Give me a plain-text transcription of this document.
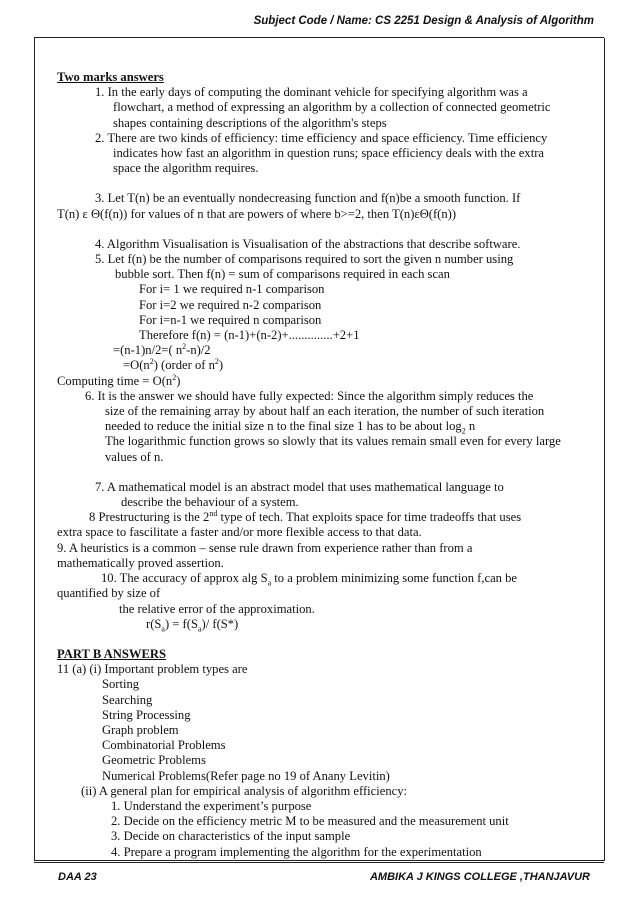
Subject Code / Name: CS 2251 Design & Analysis of Algorithm

Two marks answers

1. In the early days of computing the dominant vehicle for specifying algorithm was a

flowchart, a method of expressing an algorithm by a collection of connected geometric

shapes containing descriptions of the algorithm's steps

2. There are two kinds of efficiency: time efficiency and space efficiency. Time efficiency

indicates how fast an algorithm in question runs; space efficiency deals with the extra

space the algorithm requires.

3. Let T(n) be an eventually nondecreasing function and f(n)be a smooth function. If

T(n) ε Θ(f(n)) for values of n that are powers of where b>=2, then T(n)εΘ(f(n))

4. Algorithm Visualisation is Visualisation of the abstractions that describe software.

5. Let f(n) be the number of comparisons required to sort the given n number using

bubble sort. Then f(n) = sum of comparisons required in each scan

For i= 1 we required n-1 comparison

For i=2 we required n-2 comparison

For i=n-1 we required n comparison

Therefore f(n) = (n-1)+(n-2)+..............+2+1

=(n-1)n/2=( $n^2-n)/2$

$=O(n^2)$ (order of $n^2$)

Computing time = $O(n^2)$

6. It is the answer we should have fully expected: Since the algorithm simply reduces the

size of the remaining array by about half an each iteration, the number of such iteration

needed to reduce the initial size n to the final size 1 has to be about $\log_2 n$

The logarithmic function grows so slowly that its values remain small even for every large

values of n.

7. A mathematical model is an abstract model that uses mathematical language to

describe the behaviour of a system.

8 Prestructuring is the 2nd type of tech. That exploits space for time tradeoffs that uses

extra space to fascilitate a faster and/or more flexible access to that data.

9. A heuristics is a common – sense rule drawn from experience rather than from a

mathematically proved assertion.

10. The accuracy of approx alg $S_a$ to a problem minimizing some function f,can be

quantified by size of

the relative error of the approximation.

$r(S_a) = f(S_a)/$ f(S*)

PART B ANSWERS

11 (a) (i) Important problem types are

Sorting

Searching

String Processing

Graph problem

Combinatorial Problems

Geometric Problems

Numerical Problems(Refer page no 19 of Anany Levitin)

(ii) A general plan for empirical analysis of algorithm efficiency:

1. Understand the experiment’s purpose

2. Decide on the efficiency metric M to be measured and the measurement unit

3. Decide on characteristics of the input sample

4. Prepare a program implementing the algorithm for the experimentation

DAA 23	AMBIKA J KINGS COLLEGE ,THANJAVUR
